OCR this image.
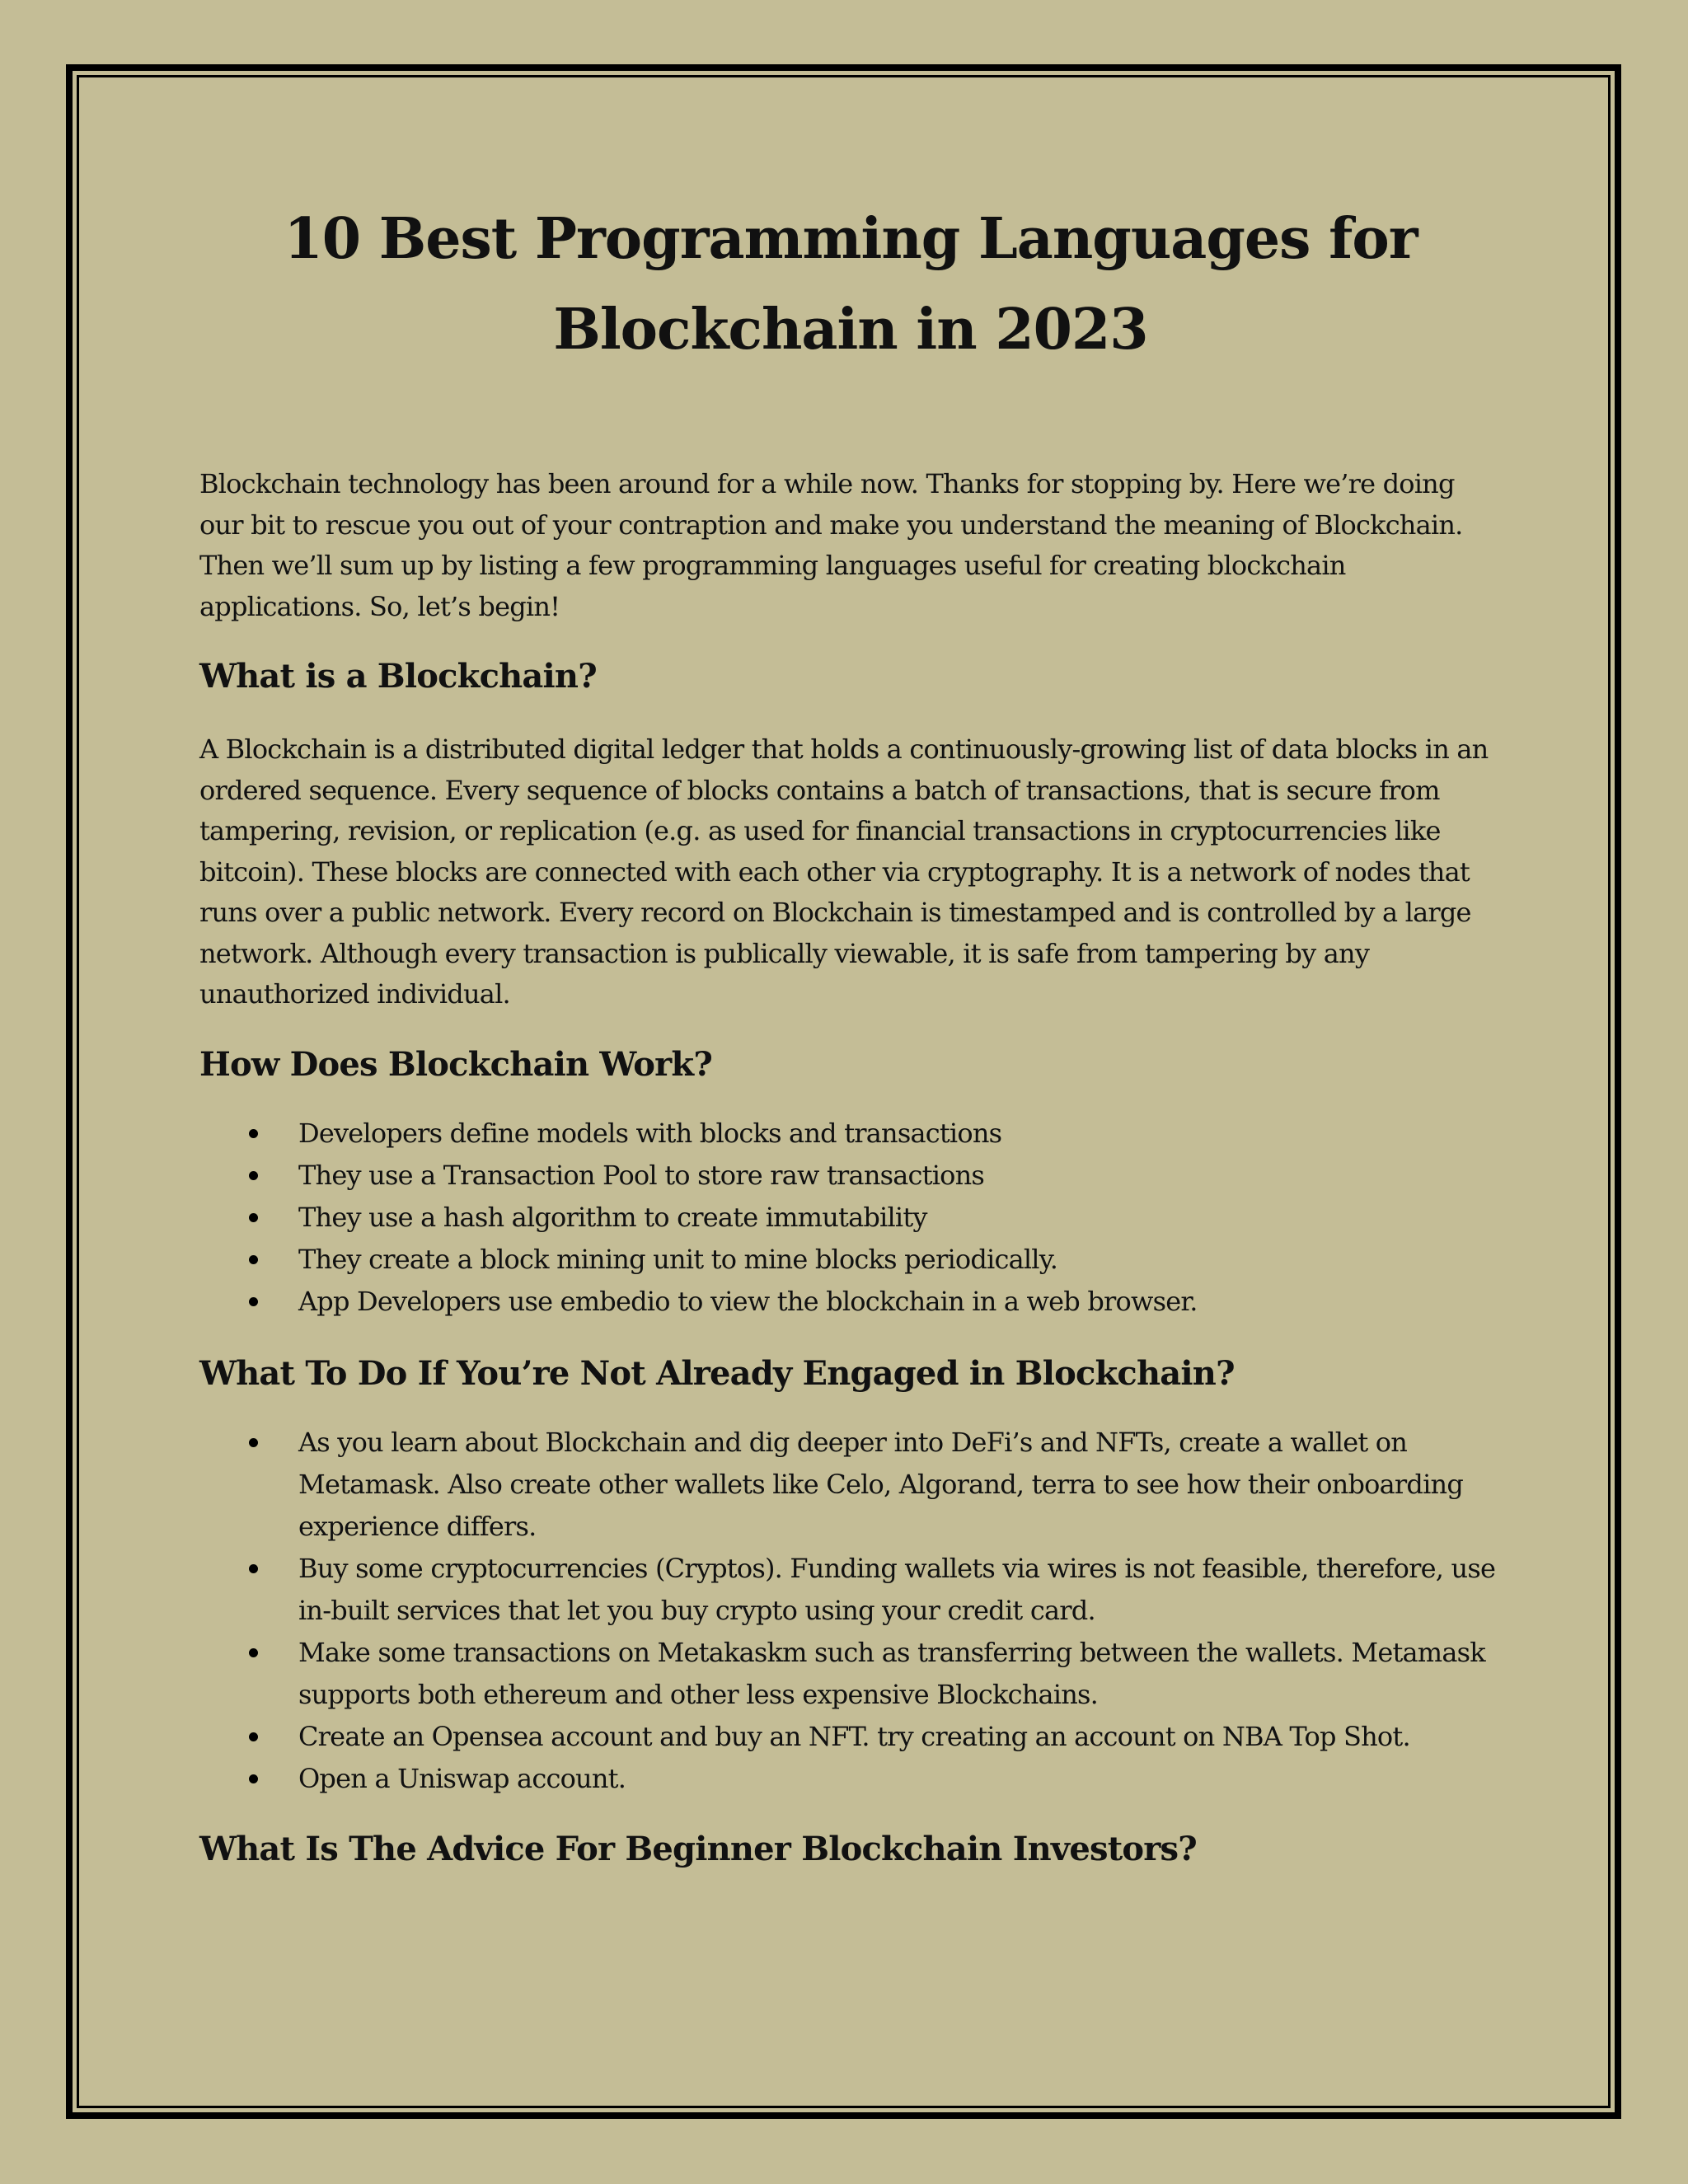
10 Best Programming Languages for
Blockchain in 2023

Blockchain technology has been around for a while now. Thanks for stopping by. Here we’re doing our bit to rescue you out of your contraption and make you understand the meaning of Blockchain. Then we’ll sum up by listing a few programming languages useful for creating blockchain applications. So, let’s begin!

What is a Blockchain?

A Blockchain is a distributed digital ledger that holds a continuously-growing list of data blocks in an ordered sequence. Every sequence of blocks contains a batch of transactions, that is secure from tampering, revision, or replication (e.g. as used for financial transactions in cryptocurrencies like bitcoin). These blocks are connected with each other via cryptography. It is a network of nodes that runs over a public network. Every record on Blockchain is timestamped and is controlled by a large network. Although every transaction is publically viewable, it is safe from tampering by any unauthorized individual.

How Does Blockchain Work?
Developers define models with blocks and transactions
They use a Transaction Pool to store raw transactions
They use a hash algorithm to create immutability
They create a block mining unit to mine blocks periodically.
App Developers use embedio to view the blockchain in a web browser.
What To Do If You’re Not Already Engaged in Blockchain?
As you learn about Blockchain and dig deeper into DeFi’s and NFTs, create a wallet on Metamask. Also create other wallets like Celo, Algorand, terra to see how their onboarding experience differs.
Buy some cryptocurrencies (Cryptos). Funding wallets via wires is not feasible, therefore, use in-built services that let you buy crypto using your credit card.
Make some transactions on Metakaskm such as transferring between the wallets. Metamask supports both ethereum and other less expensive Blockchains.
Create an Opensea account and buy an NFT. try creating an account on NBA Top Shot.
Open a Uniswap account.
What Is The Advice For Beginner Blockchain Investors?
